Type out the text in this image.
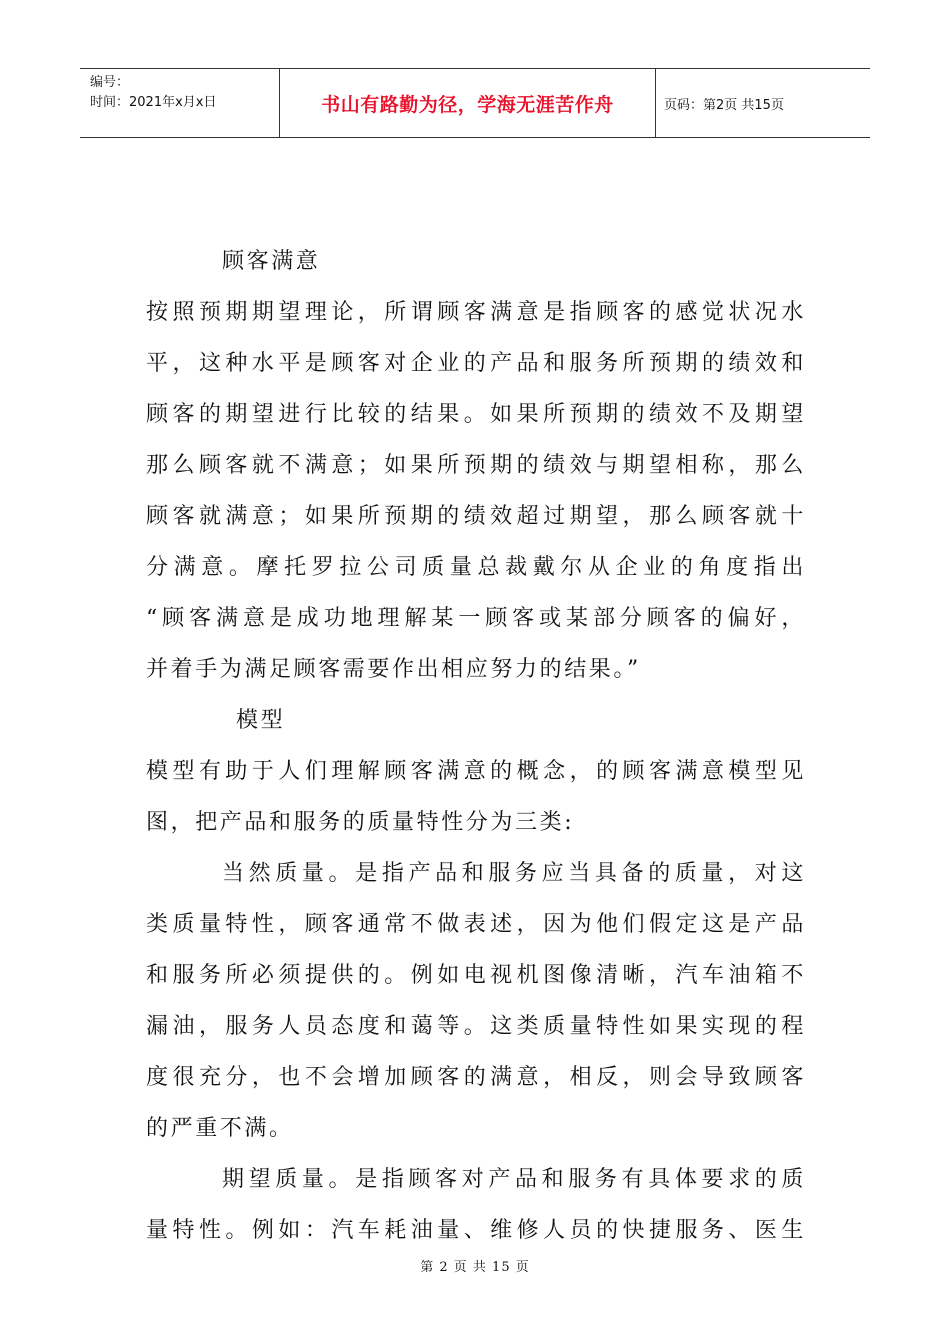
编号：
时间：2021年x月x日	书山有路勤为径，学海无涯苦作舟	页码：第2页 共15页
顾客满意
按照预期期望理论，所谓顾客满意是指顾客的感觉状况水
平，这种水平是顾客对企业的产品和服务所预期的绩效和
顾客的期望进行比较的结果。如果所预期的绩效不及期望
那么顾客就不满意；如果所预期的绩效与期望相称，那么
顾客就满意；如果所预期的绩效超过期望，那么顾客就十
分满意。摩托罗拉公司质量总裁戴尔从企业的角度指出
“顾客满意是成功地理解某一顾客或某部分顾客的偏好，
并着手为满足顾客需要作出相应努力的结果。”
模型
模型有助于人们理解顾客满意的概念，的顾客满意模型见
图，把产品和服务的质量特性分为三类:
当然质量。是指产品和服务应当具备的质量，对这
类质量特性，顾客通常不做表述，因为他们假定这是产品
和服务所必须提供的。例如电视机图像清晰，汽车油箱不
漏油，服务人员态度和蔼等。这类质量特性如果实现的程
度很充分，也不会增加顾客的满意，相反，则会导致顾客
的严重不满。
期望质量。是指顾客对产品和服务有具体要求的质
量特性。例如：汽车耗油量、维修人员的快捷服务、医生
第 2 页 共 15 页
